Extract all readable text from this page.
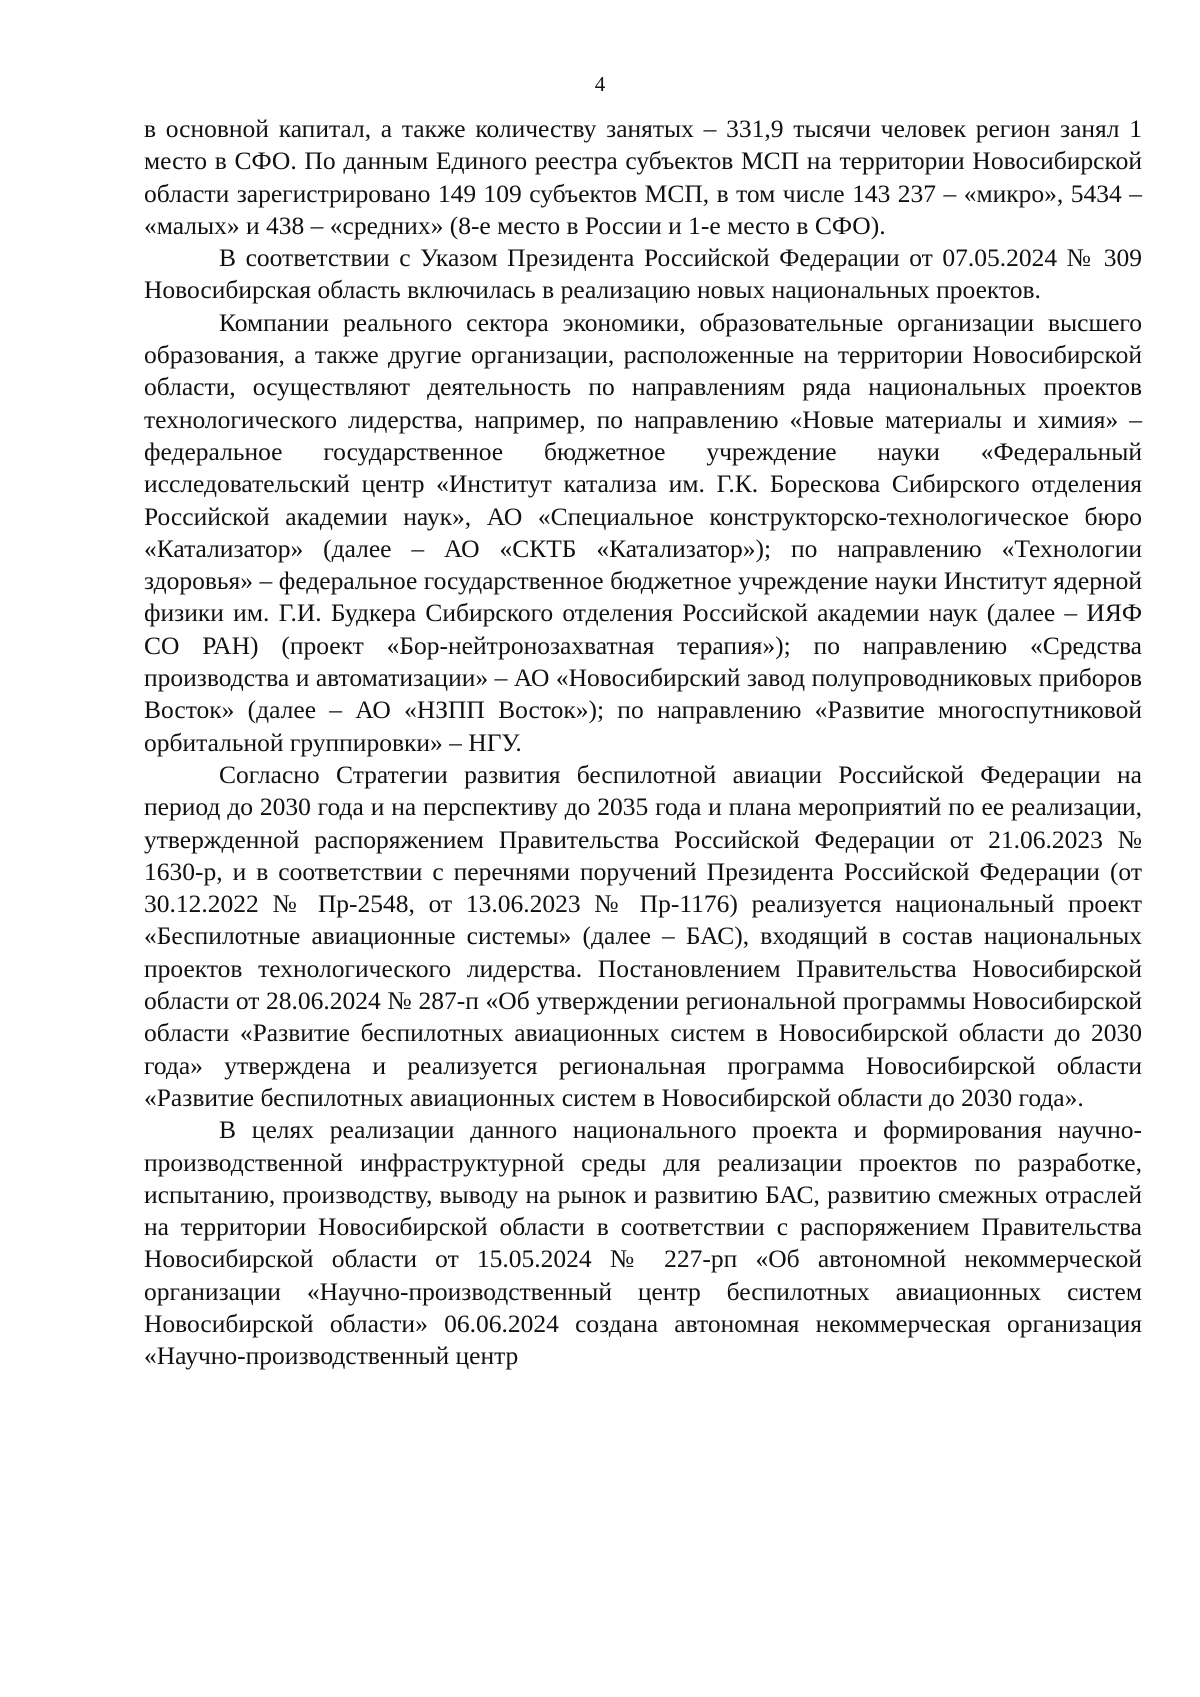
4

в основной капитал, а также количеству занятых – 331,9 тысячи человек регион занял 1 место в СФО. По данным Единого реестра субъектов МСП на территории Новосибирской области зарегистрировано 149 109 субъектов МСП, в том числе 143 237 – «микро», 5434 – «малых» и 438 – «средних» (8-е место в России и 1-е место в СФО).

В соответствии с Указом Президента Российской Федерации от 07.05.2024 № 309 Новосибирская область включилась в реализацию новых национальных проектов.

Компании реального сектора экономики, образовательные организации высшего образования, а также другие организации, расположенные на территории Новосибирской области, осуществляют деятельность по направлениям ряда национальных проектов технологического лидерства, например, по направлению «Новые материалы и химия» – федеральное государственное бюджетное учреждение науки «Федеральный исследовательский центр «Институт катализа им. Г.К. Борескова Сибирского отделения Российской академии наук», АО «Специальное конструкторско-технологическое бюро «Катализатор» (далее – АО «СКТБ «Катализатор»); по направлению «Технологии здоровья» – федеральное государственное бюджетное учреждение науки Институт ядерной физики им. Г.И. Будкера Сибирского отделения Российской академии наук (далее – ИЯФ СО РАН) (проект «Бор-нейтронозахватная терапия»); по направлению «Средства производства и автоматизации» – АО «Новосибирский завод полупроводниковых приборов Восток» (далее – АО «НЗПП Восток»); по направлению «Развитие многоспутниковой орбитальной группировки» – НГУ.

Согласно Стратегии развития беспилотной авиации Российской Федерации на период до 2030 года и на перспективу до 2035 года и плана мероприятий по ее реализации, утвержденной распоряжением Правительства Российской Федерации от 21.06.2023 № 1630-р, и в соответствии с перечнями поручений Президента Российской Федерации (от 30.12.2022 № Пр-2548, от 13.06.2023 № Пр-1176) реализуется национальный проект «Беспилотные авиационные системы» (далее – БАС), входящий в состав национальных проектов технологического лидерства. Постановлением Правительства Новосибирской области от 28.06.2024 № 287-п «Об утверждении региональной программы Новосибирской области «Развитие беспилотных авиационных систем в Новосибирской области до 2030 года» утверждена и реализуется региональная программа Новосибирской области «Развитие беспилотных авиационных систем в Новосибирской области до 2030 года».

В целях реализации данного национального проекта и формирования научно-производственной инфраструктурной среды для реализации проектов по разработке, испытанию, производству, выводу на рынок и развитию БАС, развитию смежных отраслей на территории Новосибирской области в соответствии с распоряжением Правительства Новосибирской области от 15.05.2024 № 227-рп «Об автономной некоммерческой организации «Научно-производственный центр беспилотных авиационных систем Новосибирской области» 06.06.2024 создана автономная некоммерческая организация «Научно-производственный центр
